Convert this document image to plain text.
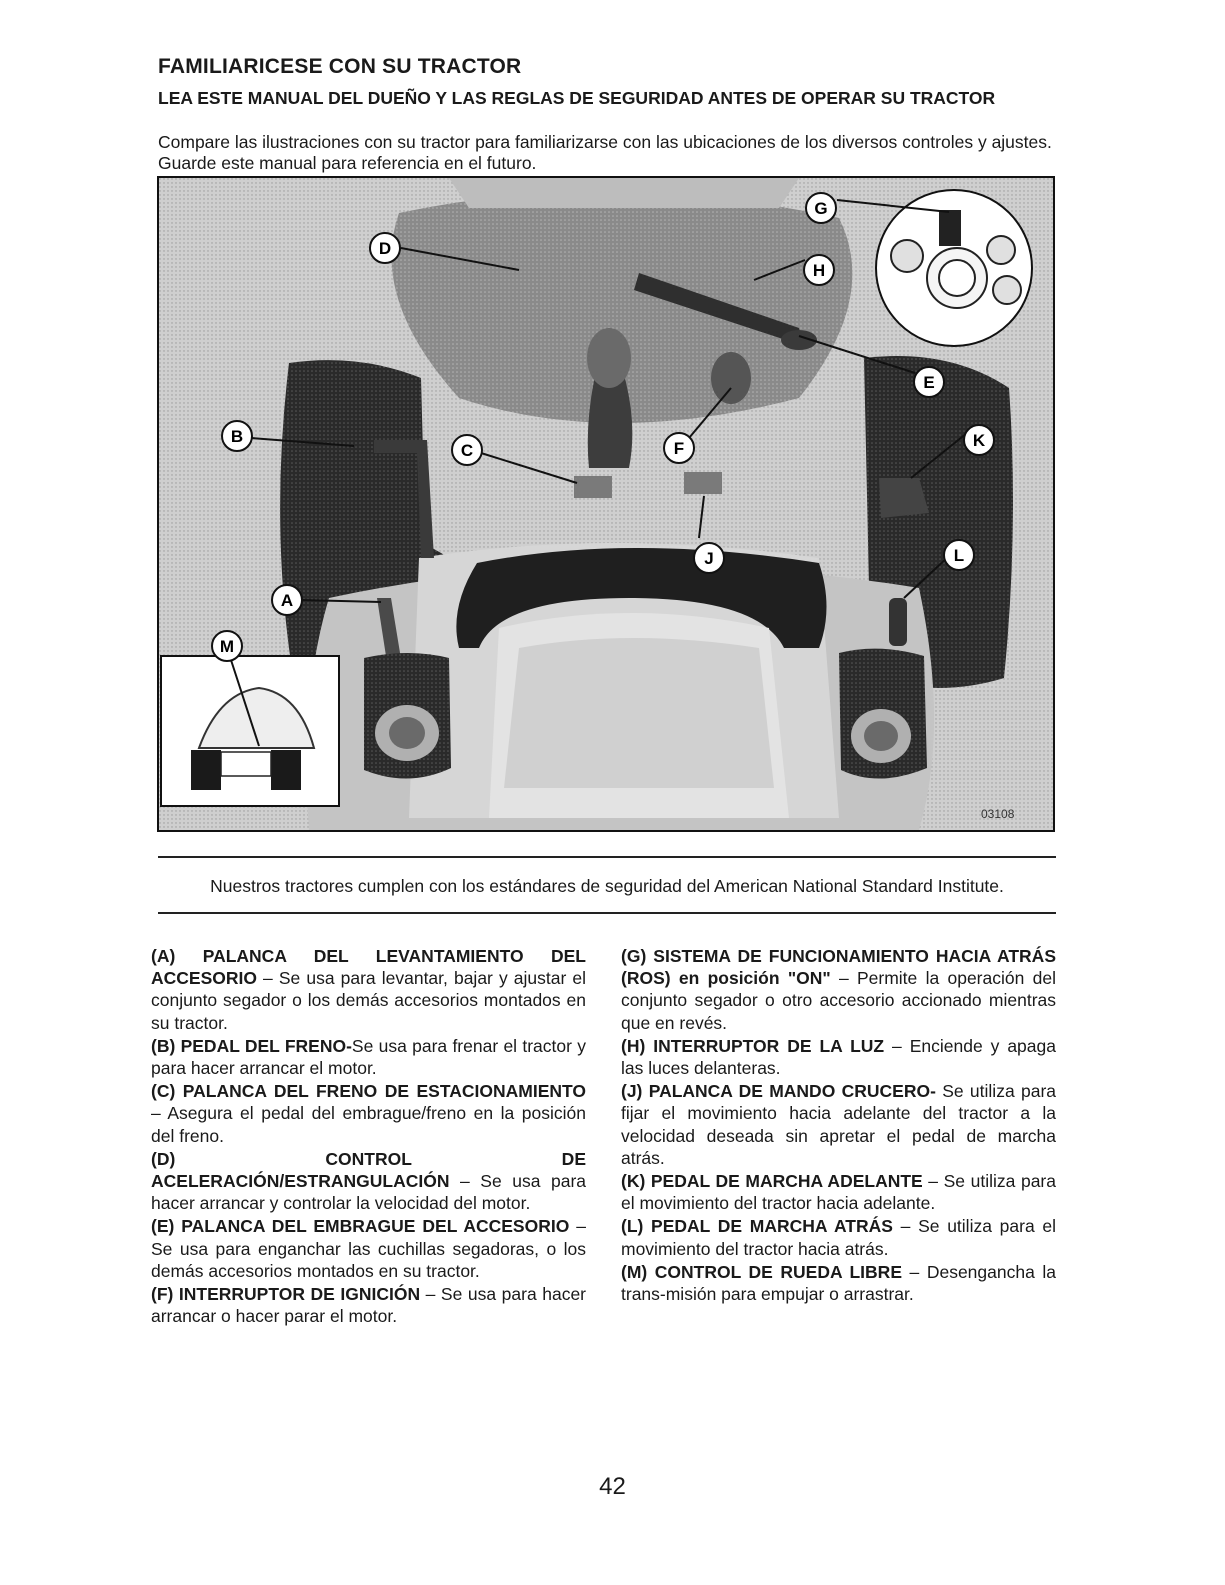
FAMILIARICESE CON SU TRACTOR
LEA ESTE MANUAL DEL DUEÑO Y LAS REGLAS DE SEGURIDAD ANTES DE OPERAR SU TRACTOR
Compare las ilustraciones con su tractor para familiarizarse con las ubicaciones de los diversos controles y ajustes. Guarde este manual para referencia en el futuro.
D
B
C
G
H
E
F	K
J	L
A
M
03108
Nuestros tractores cumplen con los estándares de seguridad del American National Standard Institute.

(A) PALANCA DEL LEVANTAMIENTO DEL ACCESORIO – Se usa para levantar, bajar y ajustar el conjunto segador o los demás accesorios montados en su tractor.

(B) PEDAL DEL FRENO-Se usa para frenar el tractor y para hacer arrancar el motor.

(C) PALANCA DEL FRENO DE ESTACIONAMIENTO – Asegura el pedal del embrague/freno en la posición del freno.

(D) CONTROL DE ACELERACIÓN/ESTRANGULACIÓN – Se usa para hacer arrancar y controlar la velocidad del motor.

(E) PALANCA DEL EMBRAGUE DEL ACCESORIO – Se usa para enganchar las cuchillas segadoras, o los demás accesorios montados en su tractor.

(F) INTERRUPTOR DE IGNICIÓN – Se usa para hacer arrancar o hacer parar el motor.

(G) SISTEMA DE FUNCIONAMIENTO HACIA ATRÁS (ROS) en posición "ON" – Permite la operación del conjunto segador o otro accesorio accionado mientras que en revés.

(H) INTERRUPTOR DE LA LUZ – Enciende y apaga las luces delanteras.

(J) PALANCA DE MANDO CRUCERO- Se utiliza para fijar el movimiento hacia adelante del tractor a la velocidad deseada sin apretar el pedal de marcha atrás.

(K) PEDAL DE MARCHA ADELANTE – Se utiliza para el movimiento del tractor hacia adelante.

(L) PEDAL DE MARCHA ATRÁS – Se utiliza para el movimiento del tractor hacia atrás.

(M) CONTROL DE RUEDA LIBRE – Desengancha la trans-misión para empujar o arrastrar.

42
